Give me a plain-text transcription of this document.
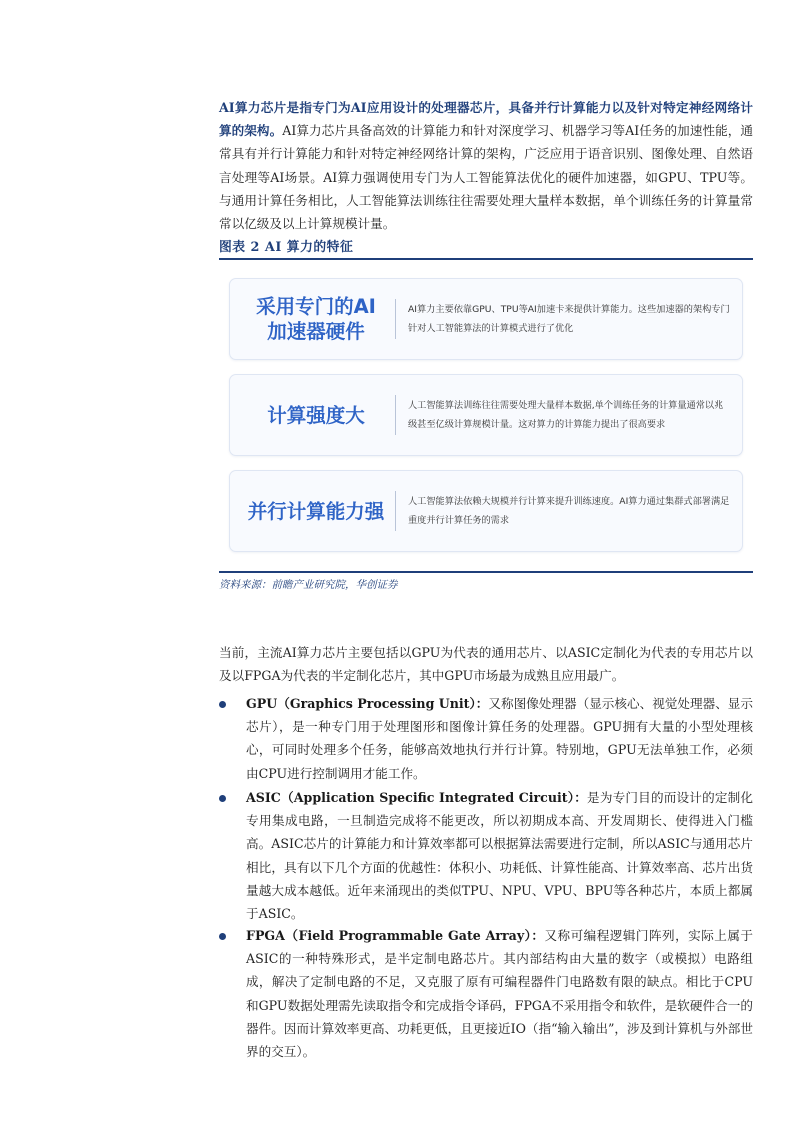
AI算力芯片是指专门为AI应用设计的处理器芯片，具备并行计算能力以及针对特定神经网络计算的架构。AI算力芯片具备高效的计算能力和针对深度学习、机器学习等AI任务的加速性能，通常具有并行计算能力和针对特定神经网络计算的架构，广泛应用于语音识别、图像处理、自然语言处理等AI场景。AI算力强调使用专门为人工智能算法优化的硬件加速器，如GPU、TPU等。与通用计算任务相比，人工智能算法训练往往需要处理大量样本数据，单个训练任务的计算量常常以亿级及以上计算规模计量。
图表 2 AI 算力的特征
采用专门的AI加速器硬件
AI算力主要依靠GPU、TPU等AI加速卡来提供计算能力。这些加速器的架构专门针对人工智能算法的计算模式进行了优化
计算强度大	人工智能算法训练往往需要处理大量样本数据,单个训练任务的计算量通常以兆级甚至亿级计算规模计量。这对算力的计算能力提出了很高要求
并行计算能力强	人工智能算法依赖大规模并行计算来提升训练速度。AI算力通过集群式部署满足重度并行计算任务的需求
资料来源：前瞻产业研究院，华创证券
当前，主流AI算力芯片主要包括以GPU为代表的通用芯片、以ASIC定制化为代表的专用芯片以及以FPGA为代表的半定制化芯片，其中GPU市场最为成熟且应用最广。
GPU（Graphics Processing Unit）：又称图像处理器（显示核心、视觉处理器、显示芯片），是一种专门用于处理图形和图像计算任务的处理器。GPU拥有大量的小型处理核心，可同时处理多个任务，能够高效地执行并行计算。特别地，GPU无法单独工作，必须由CPU进行控制调用才能工作。
ASIC（Application Specific Integrated Circuit）：是为专门目的而设计的定制化专用集成电路，一旦制造完成将不能更改，所以初期成本高、开发周期长、使得进入门槛高。ASIC芯片的计算能力和计算效率都可以根据算法需要进行定制，所以ASIC与通用芯片相比，具有以下几个方面的优越性：体积小、功耗低、计算性能高、计算效率高、芯片出货量越大成本越低。近年来涌现出的类似TPU、NPU、VPU、BPU等各种芯片，本质上都属于ASIC。
FPGA（Field Programmable Gate Array）：又称可编程逻辑门阵列，实际上属于ASIC的一种特殊形式，是半定制电路芯片。其内部结构由大量的数字（或模拟）电路组成，解决了定制电路的不足，又克服了原有可编程器件门电路数有限的缺点。相比于CPU和GPU数据处理需先读取指令和完成指令译码，FPGA不采用指令和软件，是软硬件合一的器件。因而计算效率更高、功耗更低，且更接近IO（指“输入输出”，涉及到计算机与外部世界的交互）。
